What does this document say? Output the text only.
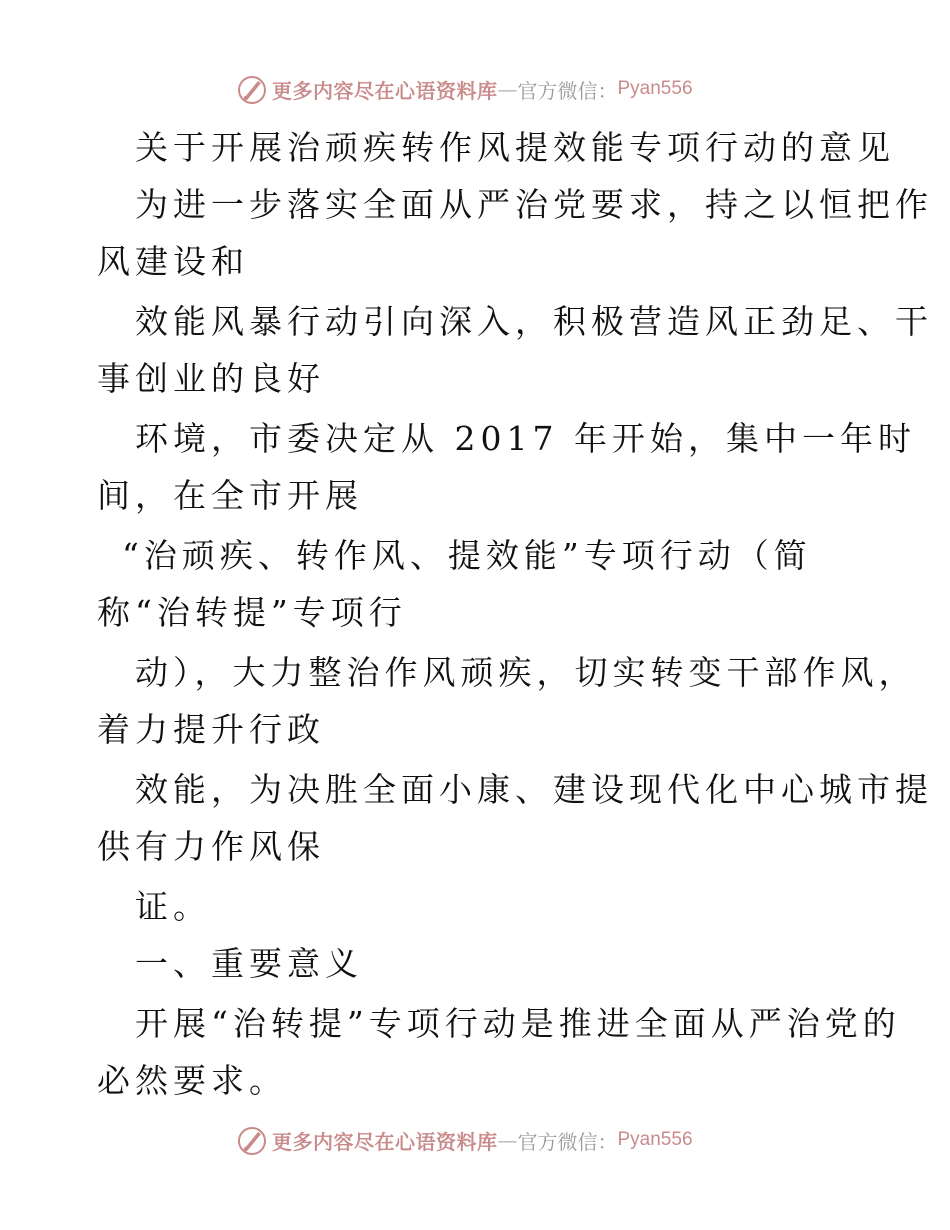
更多内容尽在心语资料库 — 官方微信： Pyan556
关于开展治顽疾转作风提效能专项行动的意见
为进一步落实全面从严治党要求，持之以恒把作
风建设和
效能风暴行动引向深入，积极营造风正劲足、干
事创业的良好
环境，市委决定从 2017 年开始，集中一年时
间，在全市开展
“治顽疾、转作风、提效能”专项行动（简
称“治转提”专项行
动），大力整治作风顽疾，切实转变干部作风，
着力提升行政
效能，为决胜全面小康、建设现代化中心城市提
供有力作风保
证。
一、重要意义
开展“治转提”专项行动是推进全面从严治党的
必然要求。
更多内容尽在心语资料库 — 官方微信： Pyan556
